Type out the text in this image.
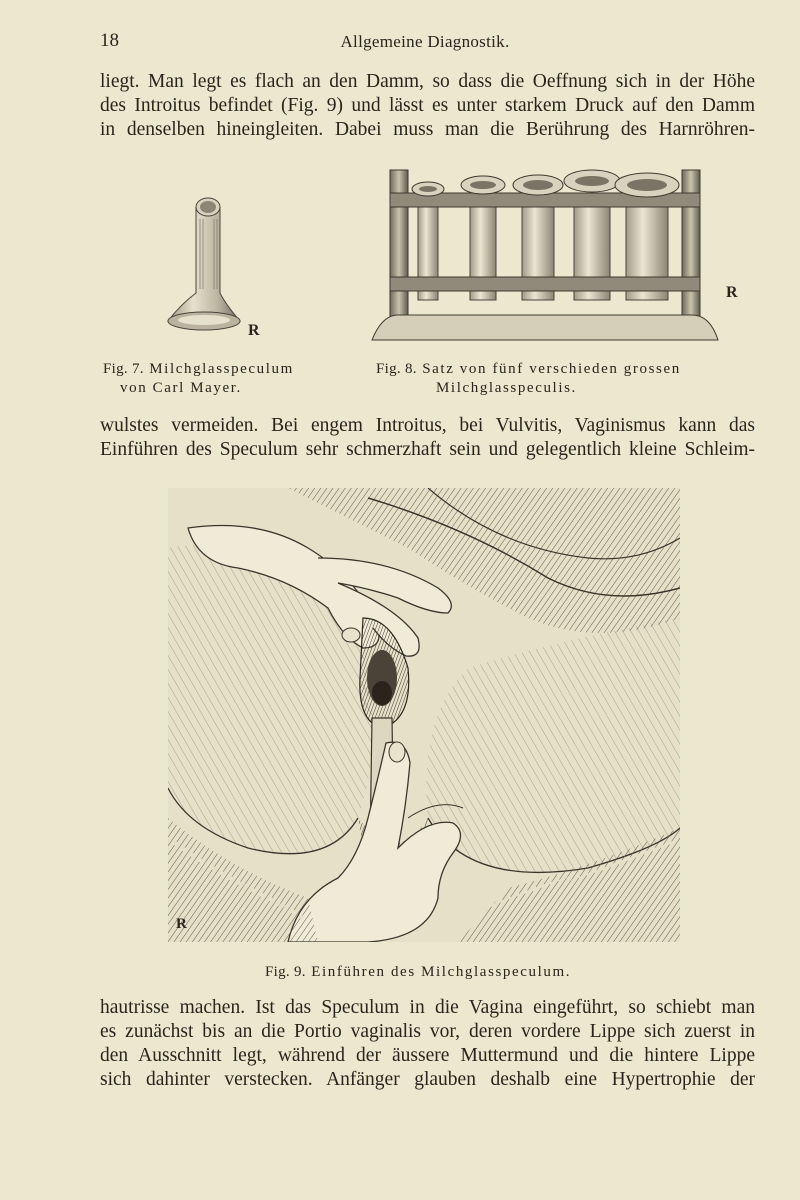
18	Allgemeine Diagnostik.

liegt. Man legt es flach an den Damm, so dass die Oeffnung sich in der Höhe
des Introitus befindet (Fig. 9) und lässt es unter starkem Druck auf den Damm
in denselben hineingleiten. Dabei muss man die Berührung des Harnröhren-

R
R
Fig. 7. Milchglasspeculum
von Carl Mayer.
Fig. 8. Satz von fünf verschieden grossen
Milchglasspeculis.

wulstes vermeiden. Bei engem Introitus, bei Vulvitis, Vaginismus kann das
Einführen des Speculum sehr schmerzhaft sein und gelegentlich kleine Schleim-

R
Fig. 9. Einführen des Milchglasspeculum.

hautrisse machen. Ist das Speculum in die Vagina eingeführt, so schiebt man
es zunächst bis an die Portio vaginalis vor, deren vordere Lippe sich zuerst in
den Ausschnitt legt, während der äussere Muttermund und die hintere Lippe
sich dahinter verstecken. Anfänger glauben deshalb eine Hypertrophie der
